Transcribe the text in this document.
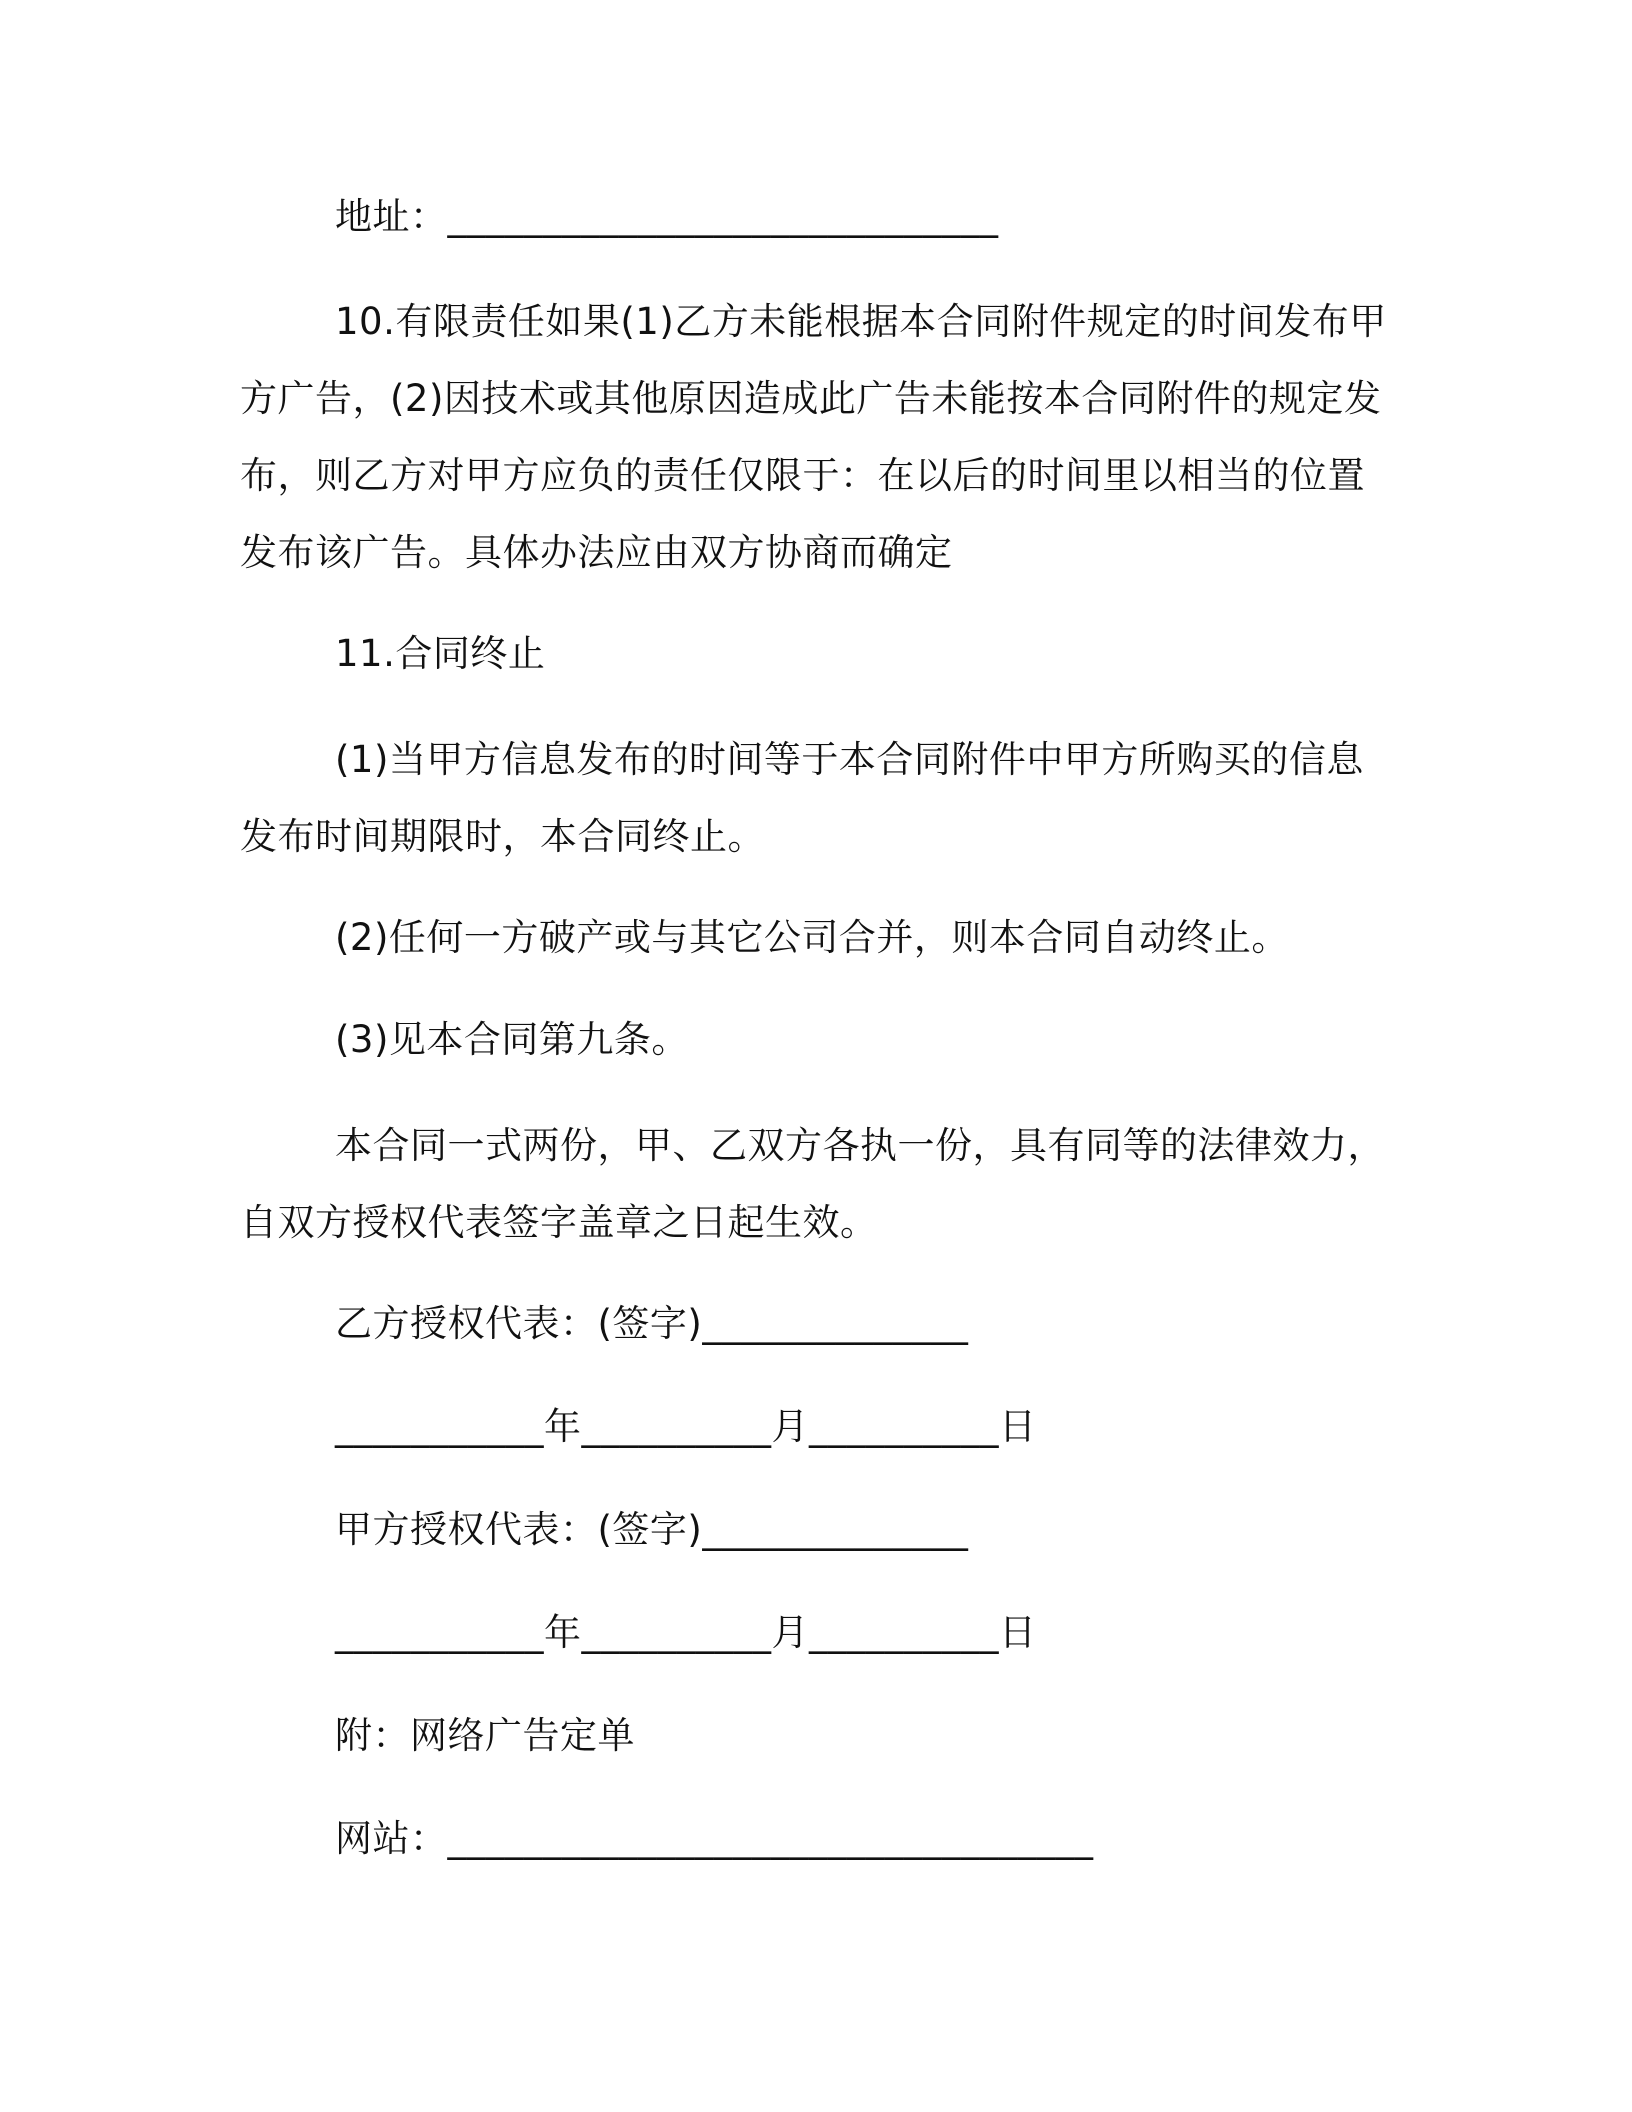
地址：_____________________________

10.有限责任如果(1)乙方未能根据本合同附件规定的时间发布甲方广告，(2)因技术或其他原因造成此广告未能按本合同附件的规定发布，则乙方对甲方应负的责任仅限于：在以后的时间里以相当的位置发布该广告。具体办法应由双方协商而确定

11.合同终止

(1)当甲方信息发布的时间等于本合同附件中甲方所购买的信息发布时间期限时，本合同终止。

(2)任何一方破产或与其它公司合并，则本合同自动终止。
(3)见本合同第九条。

本合同一式两份，甲、乙双方各执一份，具有同等的法律效力，自双方授权代表签字盖章之日起生效。

乙方授权代表：(签字)______________
___________年__________月__________日
甲方授权代表：(签字)______________
___________年__________月__________日
附：网络广告定单
网站：__________________________________
